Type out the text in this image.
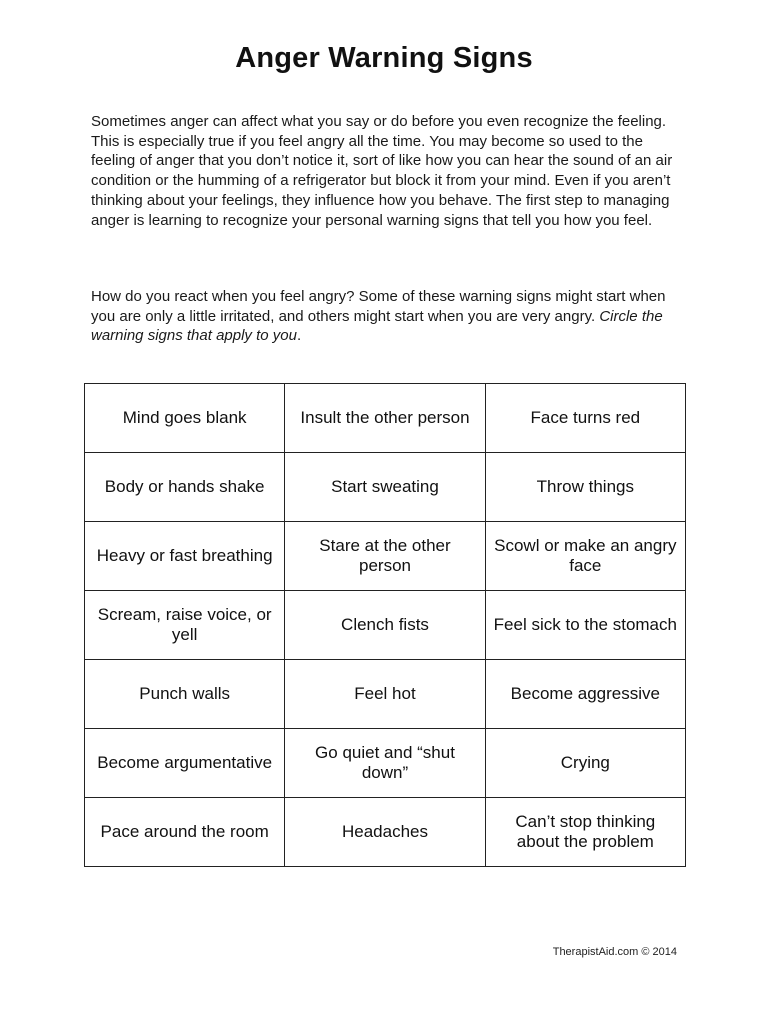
Anger Warning Signs

Sometimes anger can affect what you say or do before you even recognize the feeling. This is especially true if you feel angry all the time. You may become so used to the feeling of anger that you don’t notice it, sort of like how you can hear the sound of an air condition or the humming of a refrigerator but block it from your mind. Even if you aren’t thinking about your feelings, they influence how you behave. The first step to managing anger is learning to recognize your personal warning signs that tell you how you feel.

How do you react when you feel angry? Some of these warning signs might start when you are only a little irritated, and others might start when you are very angry. Circle the warning signs that apply to you.

Mind goes blank	Insult the other person	Face turns red
Body or hands shake	Start sweating	Throw things
Heavy or fast breathing	Stare at the other person	Scowl or make an angry face
Scream, raise voice, or yell	Clench fists	Feel sick to the stomach
Punch walls	Feel hot	Become aggressive
Become argumentative	Go quiet and “shut down”	Crying
Pace around the room	Headaches	Can’t stop thinking about the problem
TherapistAid.com © 2014
